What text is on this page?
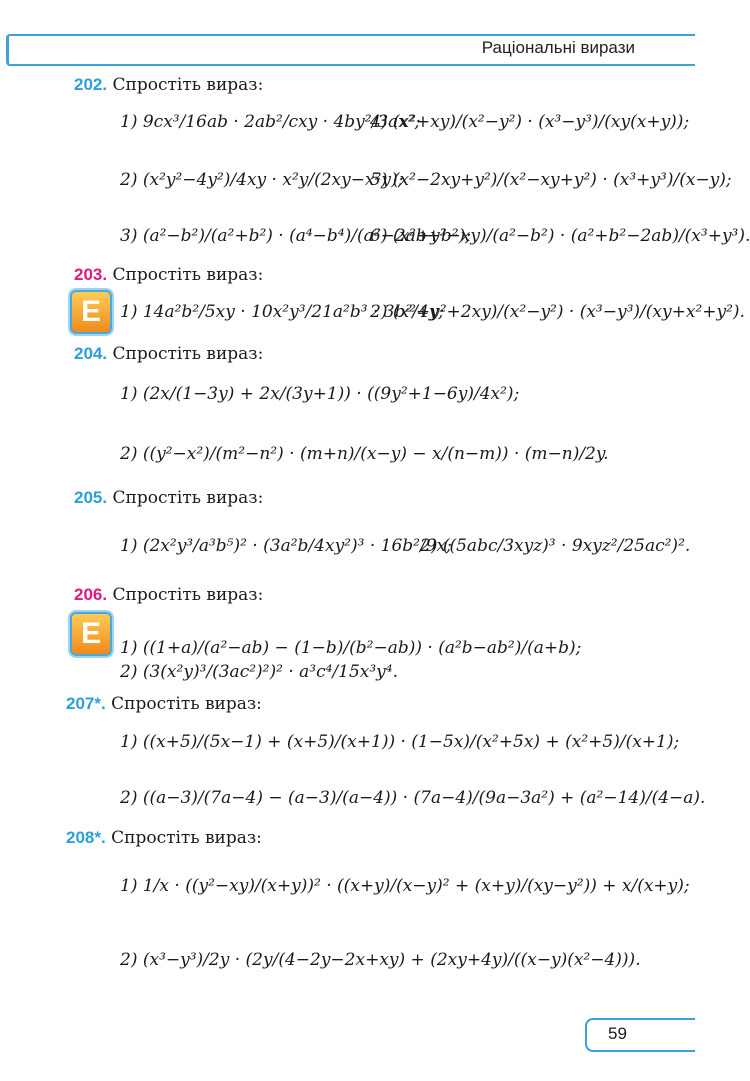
Раціональні вирази
202. Спростіть вираз:
1) 9cx³/16ab · 2ab²/cxy · 4by²/3ax²;
4) (x²+xy)/(x²−y²) · (x³−y³)/(xy(x+y));
2) (x²y²−4y²)/4xy · x²y/(2xy−x²y);
5) (x²−2xy+y²)/(x²−xy+y²) · (x³+y³)/(x−y);
3) (a²−b²)/(a²+b²) · (a⁴−b⁴)/(a²−2ab+b²);
6) (x²+y²−xy)/(a²−b²) · (a²+b²−2ab)/(x³+y³).
203. Спростіть вираз:
E	1) 14a²b²/5xy · 10x²y³/21a²b³ · 3b²/4y;
2) (x²+y²+2xy)/(x²−y²) · (x³−y³)/(xy+x²+y²).
204. Спростіть вираз:
1) (2x/(1−3y) + 2x/(3y+1)) · ((9y²+1−6y)/4x²);
2) ((y²−x²)/(m²−n²) · (m+n)/(x−y) − x/(n−m)) · (m−n)/2y.
205. Спростіть вираз:
1) (2x²y³/a³b⁵)² · (3a²b/4xy²)³ · 16b²/9x;
2) ((5abc/3xyz)³ · 9xyz²/25ac²)².
206. Спростіть вираз:
E	1) ((1+a)/(a²−ab) − (1−b)/(b²−ab)) · (a²b−ab²)/(a+b);
2) (3(x²y)³/(3ac²)²)² · a³c⁴/15x³y⁴.
207*. Спростіть вираз:
1) ((x+5)/(5x−1) + (x+5)/(x+1)) · (1−5x)/(x²+5x) + (x²+5)/(x+1);
2) ((a−3)/(7a−4) − (a−3)/(a−4)) · (7a−4)/(9a−3a²) + (a²−14)/(4−a).
208*. Спростіть вираз:
1) 1/x · ((y²−xy)/(x+y))² · ((x+y)/(x−y)² + (x+y)/(xy−y²)) + x/(x+y);
2) (x³−y³)/2y · (2y/(4−2y−2x+xy) + (2xy+4y)/((x−y)(x²−4))).
59
